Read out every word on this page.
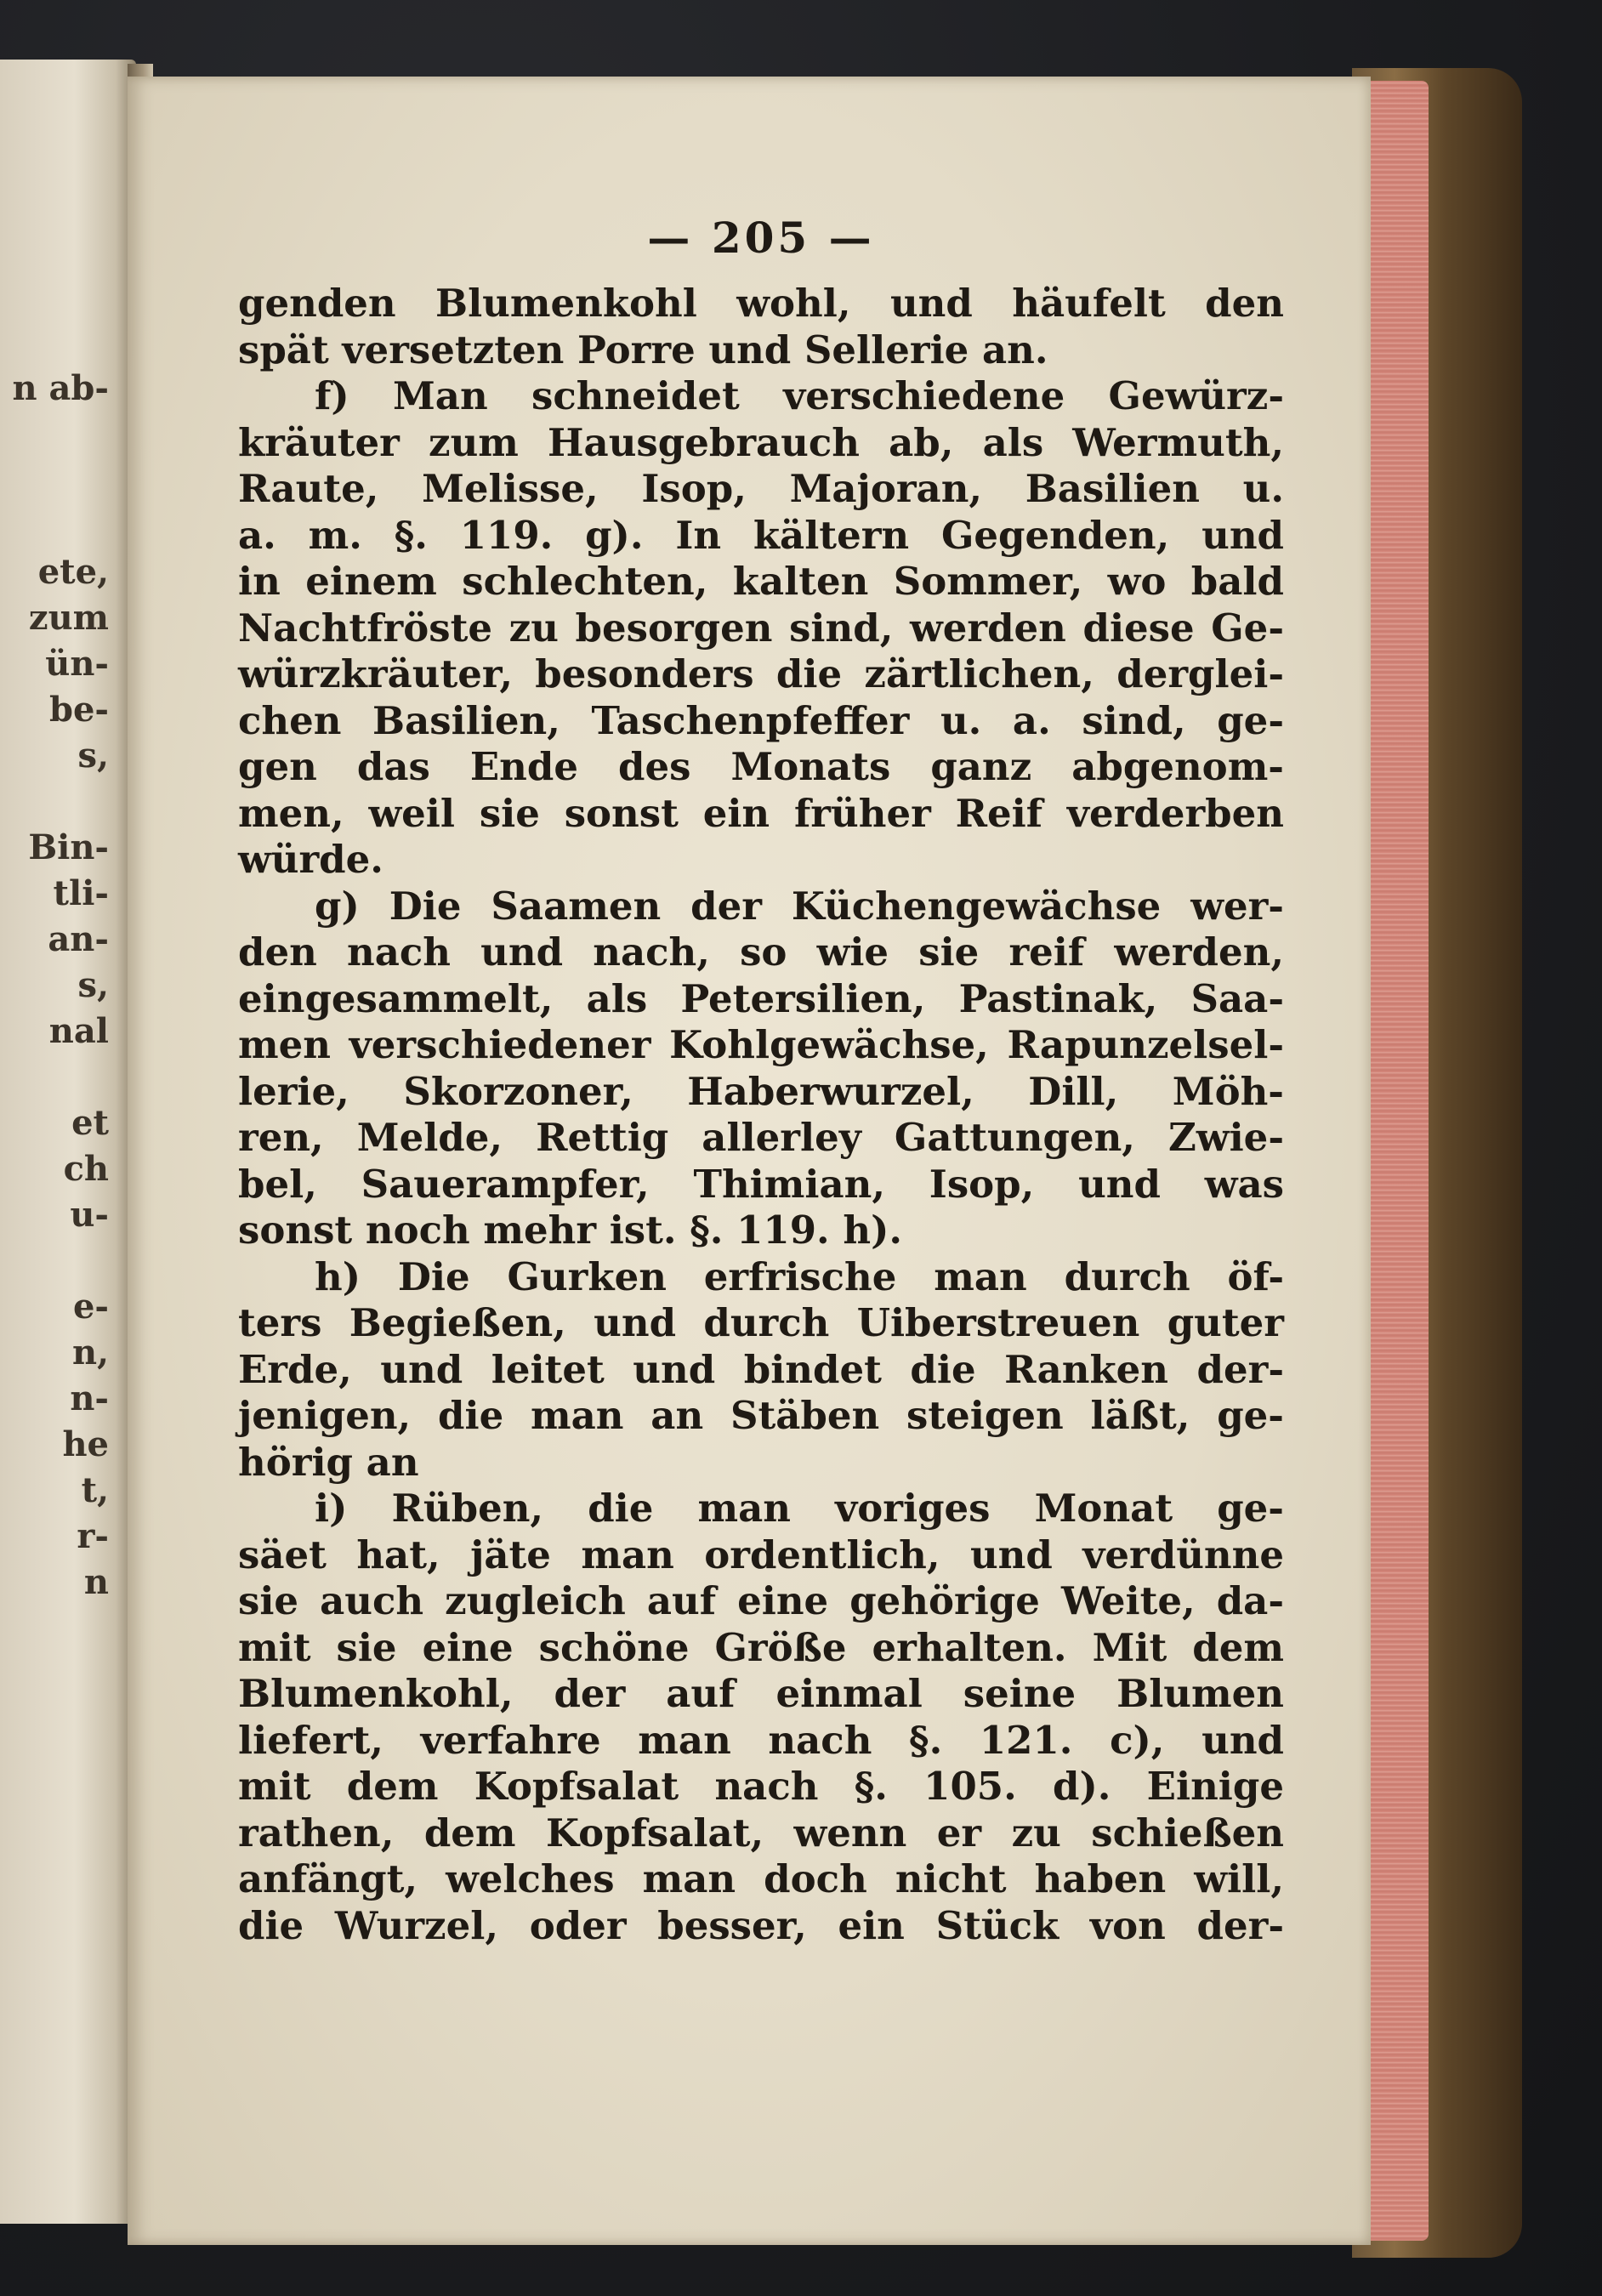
n ab-
ete,
zum
ün-
be-
s,
Bin-
tli-
an-
s,
nal
et
ch
u-
e-
n,
n-
he
t,
r-
n
— 205 —
genden Blumenkohl wohl, und häufelt den
spät versetzten Porre und Sellerie an.
f) Man schneidet verschiedene Gewürz-
kräuter zum Hausgebrauch ab, als Wermuth,
Raute, Melisse, Isop, Majoran, Basilien u.
a. m. §. 119. g). In kältern Gegenden, und
in einem schlechten, kalten Sommer, wo bald
Nachtfröste zu besorgen sind, werden diese Ge-
würzkräuter, besonders die zärtlichen, derglei-
chen Basilien, Taschenpfeffer u. a. sind, ge-
gen das Ende des Monats ganz abgenom-
men, weil sie sonst ein früher Reif verderben
würde.
g) Die Saamen der Küchengewächse wer-
den nach und nach, so wie sie reif werden,
eingesammelt, als Petersilien, Pastinak, Saa-
men verschiedener Kohlgewächse, Rapunzelsel-
lerie, Skorzoner, Haberwurzel, Dill, Möh-
ren, Melde, Rettig allerley Gattungen, Zwie-
bel, Sauerampfer, Thimian, Isop, und was
sonst noch mehr ist. §. 119. h).
h) Die Gurken erfrische man durch öf-
ters Begießen, und durch Uiberstreuen guter
Erde, und leitet und bindet die Ranken der-
jenigen, die man an Stäben steigen läßt, ge-
hörig an
i) Rüben, die man voriges Monat ge-
säet hat, jäte man ordentlich, und verdünne
sie auch zugleich auf eine gehörige Weite, da-
mit sie eine schöne Größe erhalten. Mit dem
Blumenkohl, der auf einmal seine Blumen
liefert, verfahre man nach §. 121. c), und
mit dem Kopfsalat nach §. 105. d). Einige
rathen, dem Kopfsalat, wenn er zu schießen
anfängt, welches man doch nicht haben will,
die Wurzel, oder besser, ein Stück von der-
